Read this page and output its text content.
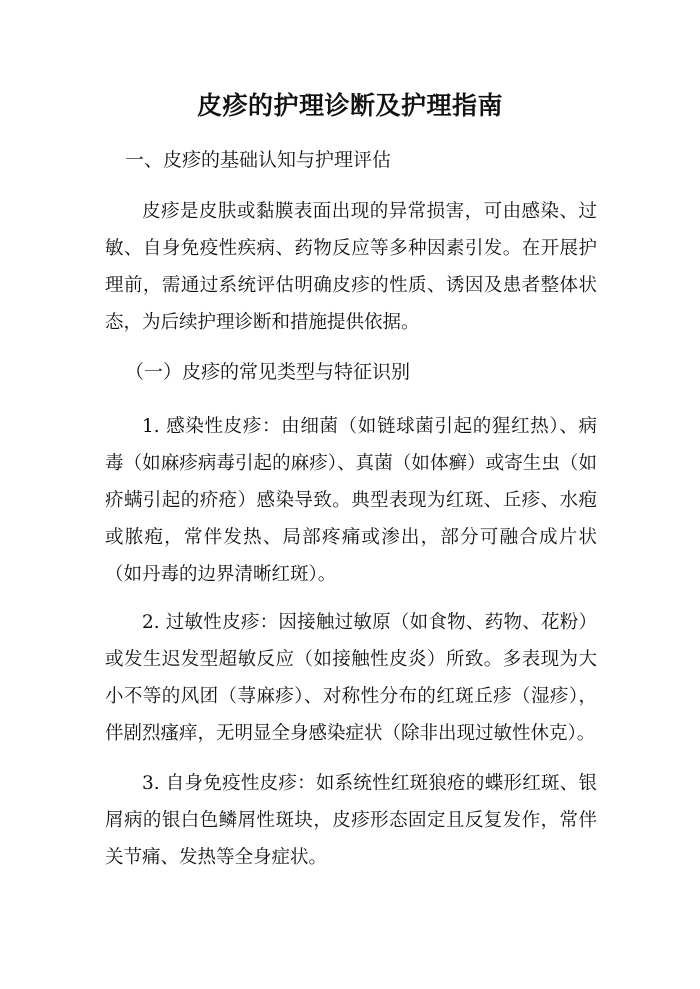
皮疹的护理诊断及护理指南
一、皮疹的基础认知与护理评估

皮疹是皮肤或黏膜表面出现的异常损害，可由感染、过敏、自身免疫性疾病、药物反应等多种因素引发。在开展护理前，需通过系统评估明确皮疹的性质、诱因及患者整体状态，为后续护理诊断和措施提供依据。

（一）皮疹的常见类型与特征识别

1. 感染性皮疹：由细菌（如链球菌引起的猩红热）、病毒（如麻疹病毒引起的麻疹）、真菌（如体癣）或寄生虫（如疥螨引起的疥疮）感染导致。典型表现为红斑、丘疹、水疱或脓疱，常伴发热、局部疼痛或渗出，部分可融合成片状（如丹毒的边界清晰红斑）。

2. 过敏性皮疹：因接触过敏原（如食物、药物、花粉）或发生迟发型超敏反应（如接触性皮炎）所致。多表现为大小不等的风团（荨麻疹）、对称性分布的红斑丘疹（湿疹），伴剧烈瘙痒，无明显全身感染症状（除非出现过敏性休克）。

3. 自身免疫性皮疹：如系统性红斑狼疮的蝶形红斑、银屑病的银白色鳞屑性斑块，皮疹形态固定且反复发作，常伴关节痛、发热等全身症状。
